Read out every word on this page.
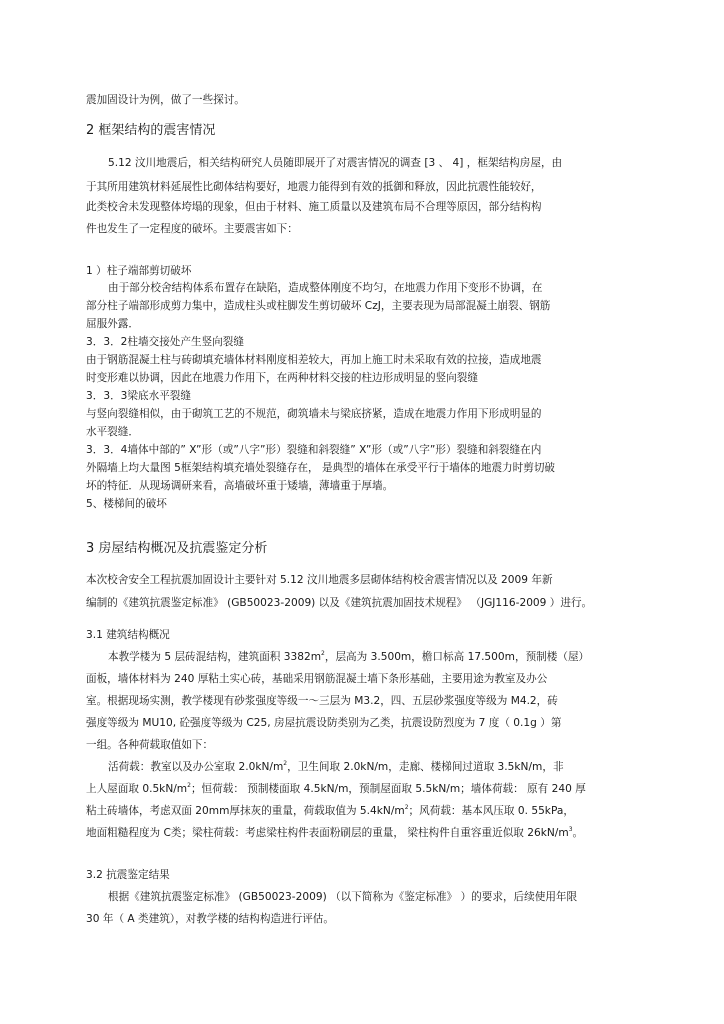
震加固设计为例，做了一些探讨。

2 框架结构的震害情况

5.12 汶川地震后，相关结构研究人员随即展开了对震害情况的调查 [3 、 4] ，框架结构房屋，由

于其所用建筑材料延展性比砌体结构要好，地震力能得到有效的抵御和释放，因此抗震性能较好，

此类校舍未发现整体垮塌的现象，但由于材料、施工质量以及建筑布局不合理等原因，部分结构构

件也发生了一定程度的破坏。主要震害如下：

1 ）柱子端部剪切破坏

由于部分校舍结构体系布置存在缺陷，造成整体刚度不均匀，在地震力作用下变形不协调，在

部分柱子端部形成剪力集中，造成柱头或柱脚发生剪切破坏 CzJ，主要表现为局部混凝土崩裂、钢筋

屈服外露．

3．3．2柱墙交接处产生竖向裂缝

由于钢筋混凝土柱与砖砌填充墙体材料刚度相差较大，再加上施工时未采取有效的拉接，造成地震

时变形难以协调，因此在地震力作用下，在两种材料交接的柱边形成明显的竖向裂缝

3．3．3梁底水平裂缝

与竖向裂缝相似，由于砌筑工艺的不规范，砌筑墙未与梁底挤紧，造成在地震力作用下形成明显的

水平裂缝．

3．3．4墙体中部的” X”形（或”八字”形）裂缝和斜裂缝” X”形（或”八字”形）裂缝和斜裂缝在内

外隔墙上均大量图 5框架结构填充墙处裂缝存在， 是典型的墙体在承受平行于墙体的地震力时剪切破

坏的特征．从现场调研来看，高墙破坏重于矮墙，薄墙重于厚墙。

5、楼梯间的破坏

3 房屋结构概况及抗震鉴定分析

本次校舍安全工程抗震加固设计主要针对 5.12 汶川地震多层砌体结构校舍震害情况以及 2009 年新

编制的《建筑抗震鉴定标准》 (GB50023-2009) 以及《建筑抗震加固技术规程》 （JGJ116-2009 ）进行。

3.1 建筑结构概况

本教学楼为 5 层砖混结构，建筑面积 $3382m^2$，层高为 3.500m，檐口标高 17.500m，预制楼（屋）

面板，墙体材料为 240 厚粘土实心砖，基础采用钢筋混凝土墙下条形基础，主要用途为教室及办公

室。根据现场实测，教学楼现有砂浆强度等级一～三层为 M3.2，四、五层砂浆强度等级为 M4.2，砖

强度等级为 MU10, 砼强度等级为 C25, 房屋抗震设防类别为乙类，抗震设防烈度为 7 度（ 0.1g ）第

一组。各种荷载取值如下：

活荷载：教室以及办公室取 $2.0kN/m^2$，卫生间取 2.0kN/m，走廊、楼梯间过道取 3.5kN/m，非

上人屋面取 $0.5kN/m^2$；恒荷载： 预制楼面取 4.5kN/m，预制屋面取 5.5kN/m；墙体荷载： 原有 240 厚

粘土砖墙体，考虑双面 20mm厚抹灰的重量，荷载取值为 $5.4kN/m^2$；风荷载：基本风压取 0. 55kPa，

地面粗糙程度为 C类；梁柱荷载：考虑梁柱构件表面粉刷层的重量， 梁柱构件自重容重近似取 $26kN/m^3$。

3.2 抗震鉴定结果

根据《建筑抗震鉴定标准》 (GB50023-2009) （以下简称为《鉴定标准》 ）的要求，后续使用年限

30 年（ A 类建筑），对教学楼的结构构造进行评估。
